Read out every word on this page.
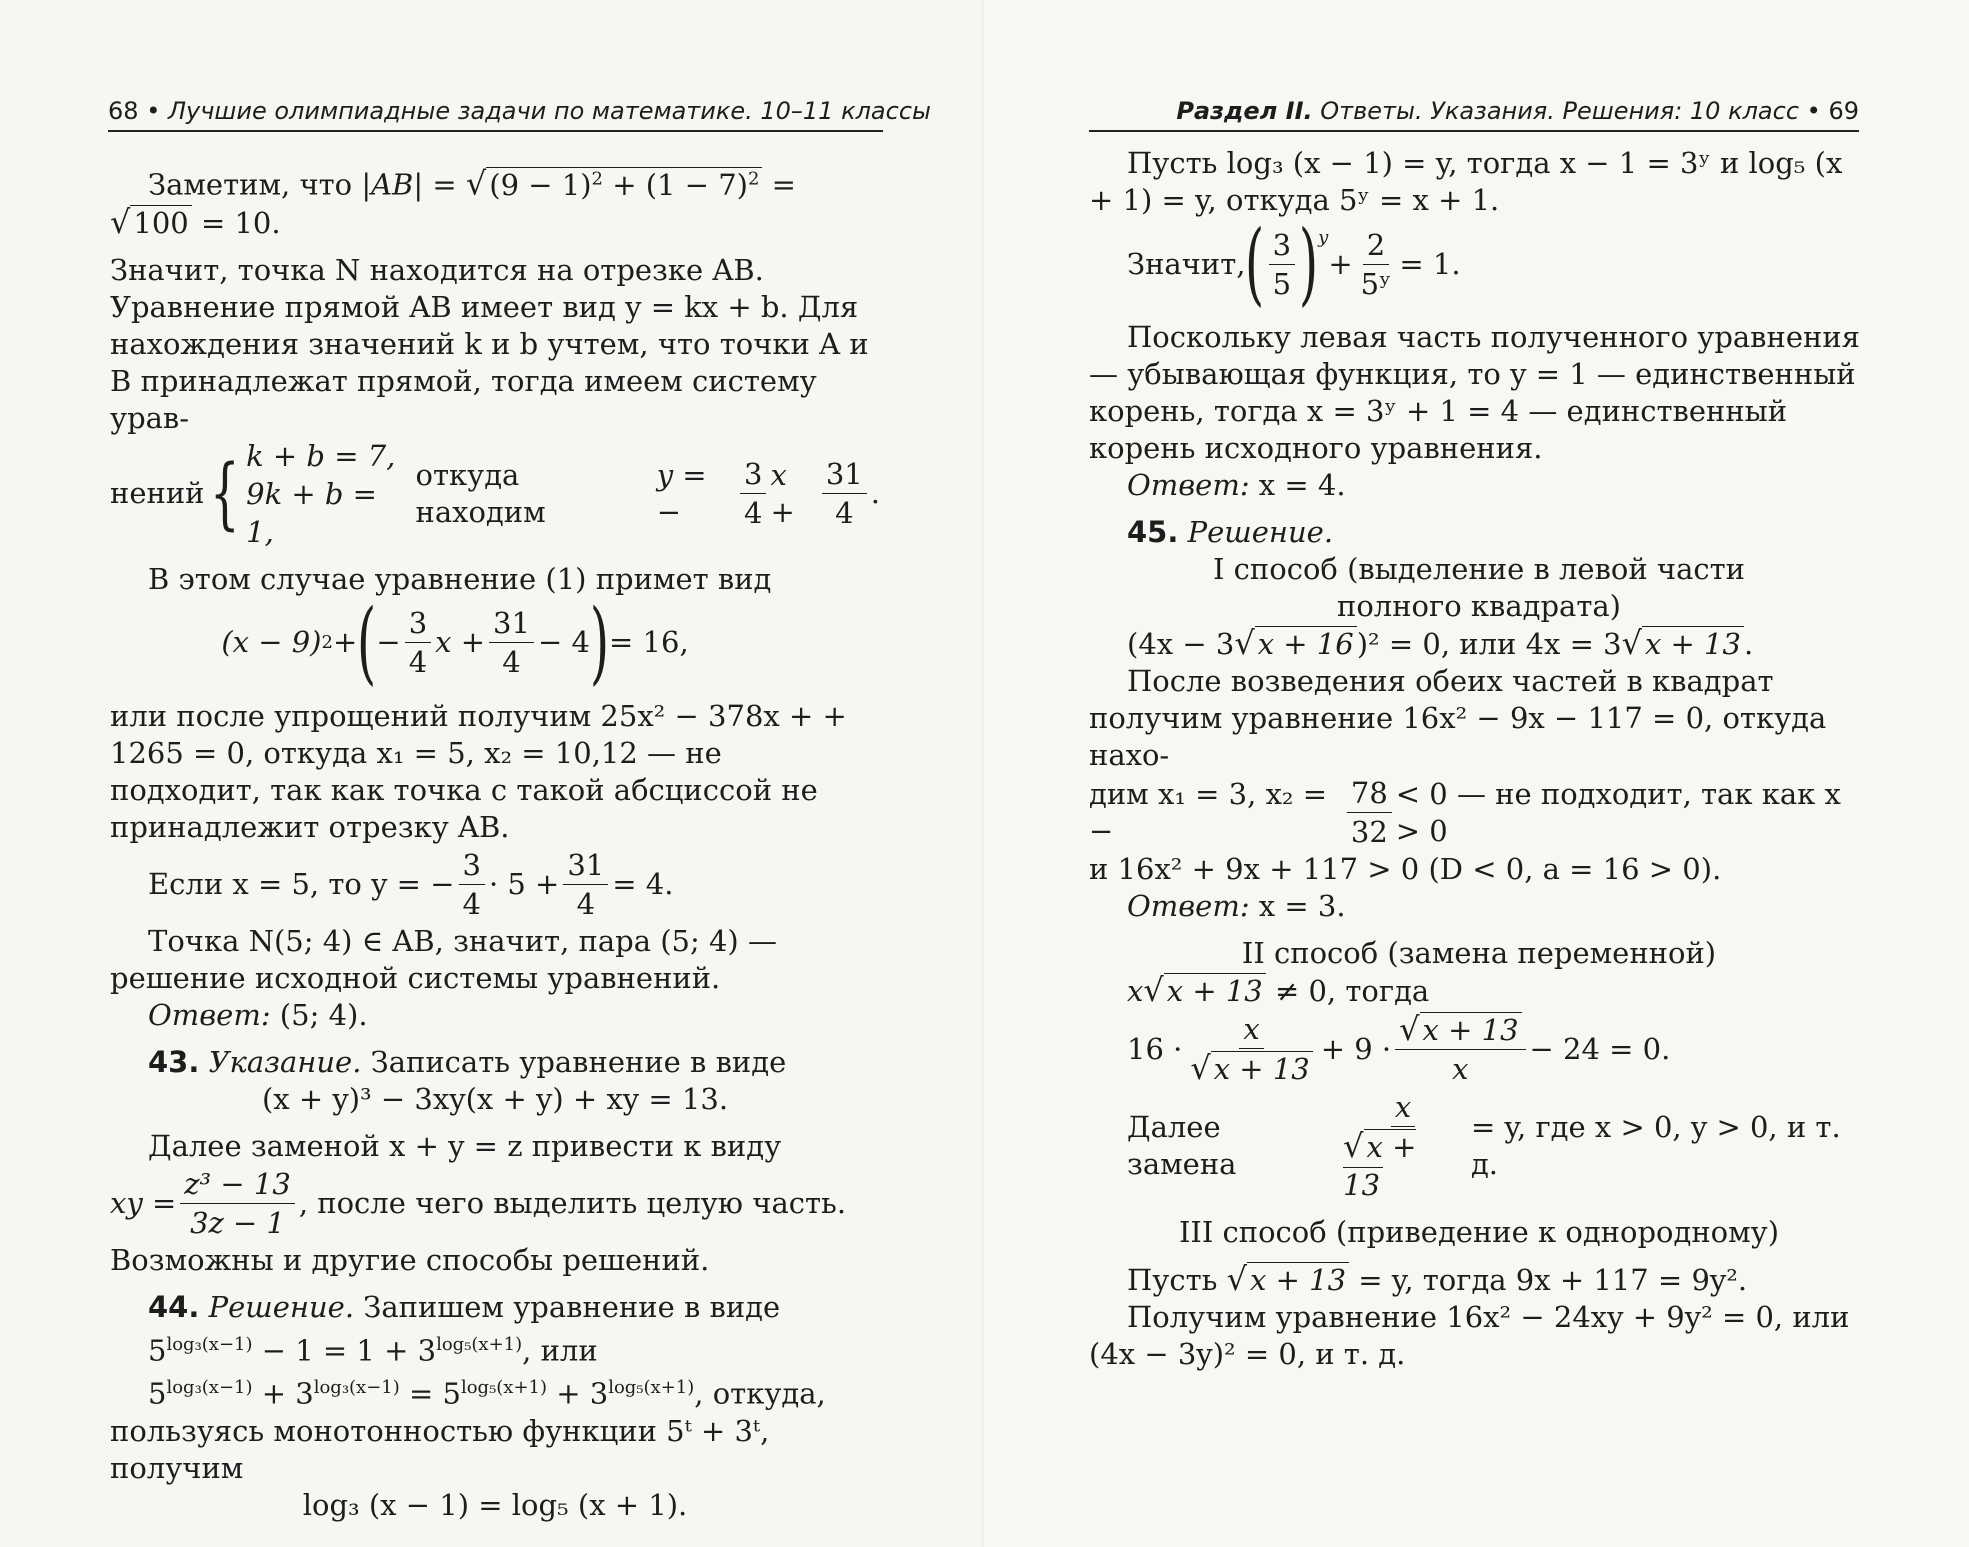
68 • Лучшие олимпиадные задачи по математике. 10–11 классы

Заметим, что |AB| = √ $(9 - 1)^2 + (1 - 7)^2$ = √ 100 = 10.

Значит, точка N находится на отрезке AB. Уравнение прямой AB имеет вид y = kx + b. Для нахождения значений k и b учтем, что точки A и B принадлежат прямой, тогда имеем систему урав-

нений { k + b = 7,
9k + b = 1,
откуда находим
y = −	$\frac{3}{4}$ $x + \frac{31}{4}$ .

В этом случае уравнение (1) примет вид

(x − 9) 2 + ( − $\frac{3}{4}$ $x + \frac{31}{4} - 4$ ) = 16,

или после упрощений получим 25x² − 378x + + 1265 = 0, откуда x₁ = 5, x₂ = 10,12 — не подходит, так как точка с такой абсциссой не принадлежит отрезку AB.

Если x = 5, то y = − $\frac{3}{4} \cdot 5 + \frac{31}{4} = 4$.

Точка N(5; 4) ∈ AB, значит, пара (5; 4) — решение исходной системы уравнений.

Ответ: (5; 4).

43. Указание. Записать уравнение в виде

(x + y)³ − 3xy(x + y) + xy = 13.

Далее заменой x + y = z привести к виду

xy = $\frac{\text{z³ − 13}}{3z - 1}$ , после чего выделить целую часть.

Возможны и другие способы решений.

44. Решение. Запишем уравнение в виде

$5^{log_3(x-1)} - 1 = 1 + 3^{log_5(x+1)}$, или

$5^{log_3(x-1)} + 3^{log_3(x-1)} = 5^{log_5(x+1)} + 3^{log_5(x+1)}$, откуда,

пользуясь монотонностью функции 5ᵗ + 3ᵗ, получим

log₃ (x − 1) = log₅ (x + 1).

Раздел II. Ответы. Указания. Решения: 10 класс • 69

Пусть log₃ (x − 1) = y, тогда x − 1 = 3ʸ и log₅ (x + 1) = y, откуда 5ʸ = x + 1.

Значит, ( $\frac{3}{5} )^y$
+ $\frac{2}{\text{5ʸ}} = 1$.

Поскольку левая часть полученного уравнения — убывающая функция, то y = 1 — единственный корень, тогда x = 3ʸ + 1 = 4 — единственный корень исходного уравнения.

Ответ: x = 4.

45. Решение.

I способ (выделение в левой части

полного квадрата)

(4x − 3√ x + 16 )² = 0, или 4x = 3√ x + 13 .

После возведения обеих частей в квадрат получим уравнение 16x² − 9x − 117 = 0, откуда нахо-

дим x₁ = 3, x₂ = −	$\frac{78}{32} < 0$ — не подходит, так как x > 0

и 16x² + 9x + 117 > 0 (D < 0, a = 16 > 0).

Ответ: x = 3.

II способ (замена переменной)

x√ x + 13 ≠ 0, тогда

$16 \cdot \frac{x}{√ x + 13} + 9 \cdot \frac{√ x + 13}{x} - 24 = 0$.
Далее замена	$\frac{x}{√ x + 13} = y$, где x > 0, y > 0, и т. д.

III способ (приведение к однородному)

Пусть √ x + 13 = y, тогда 9x + 117 = 9y².

Получим уравнение 16x² − 24xy + 9y² = 0, или (4x − 3y)² = 0, и т. д.
